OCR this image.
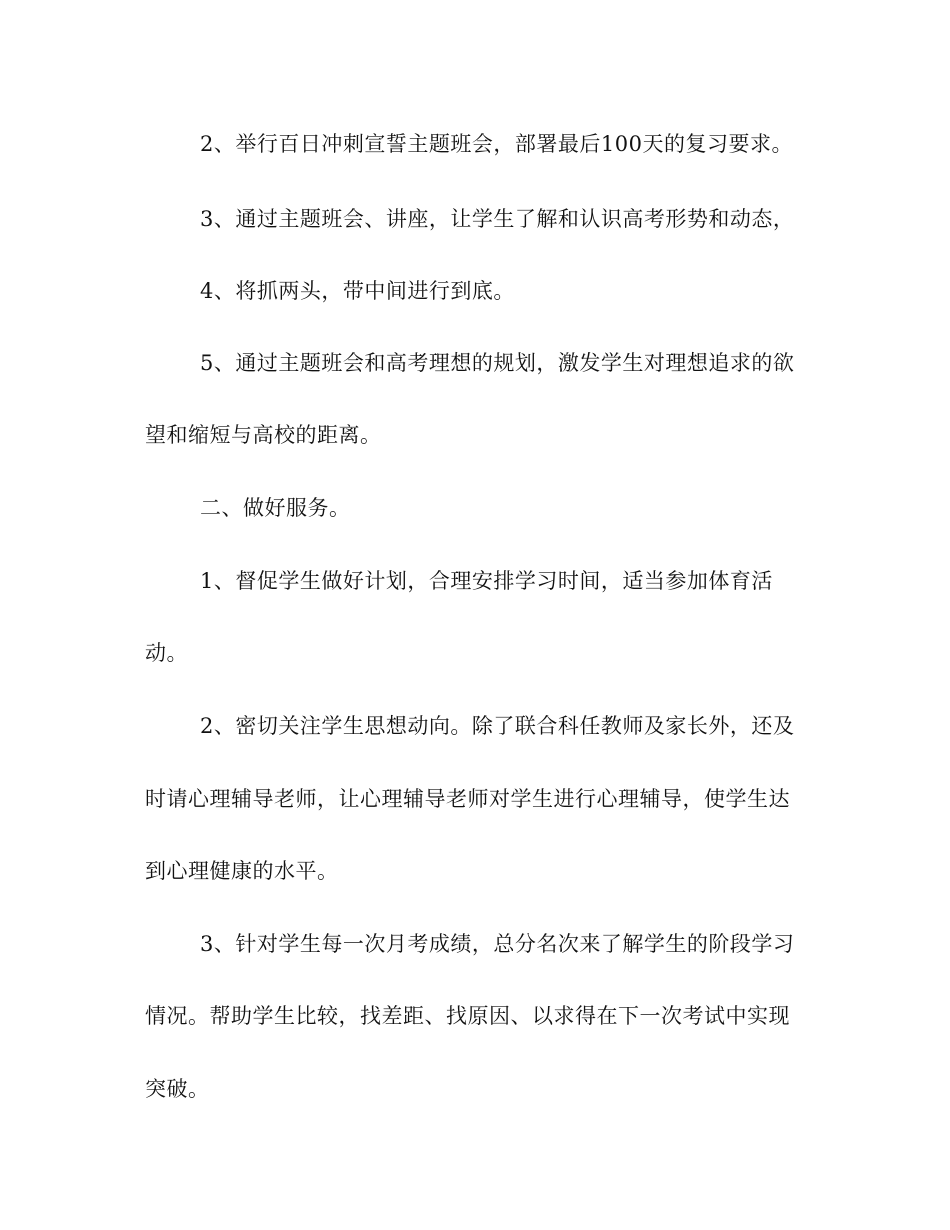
2、举行百日冲刺宣誓主题班会，部署最后100天的复习要求。
3、通过主题班会、讲座，让学生了解和认识高考形势和动态，
4、将抓两头，带中间进行到底。
5、通过主题班会和高考理想的规划，激发学生对理想追求的欲
望和缩短与高校的距离。
二、做好服务。
1、督促学生做好计划，合理安排学习时间，适当参加体育活
动。
2、密切关注学生思想动向。除了联合科任教师及家长外，还及
时请心理辅导老师，让心理辅导老师对学生进行心理辅导，使学生达
到心理健康的水平。
3、针对学生每一次月考成绩，总分名次来了解学生的阶段学习
情况。帮助学生比较，找差距、找原因、以求得在下一次考试中实现
突破。
